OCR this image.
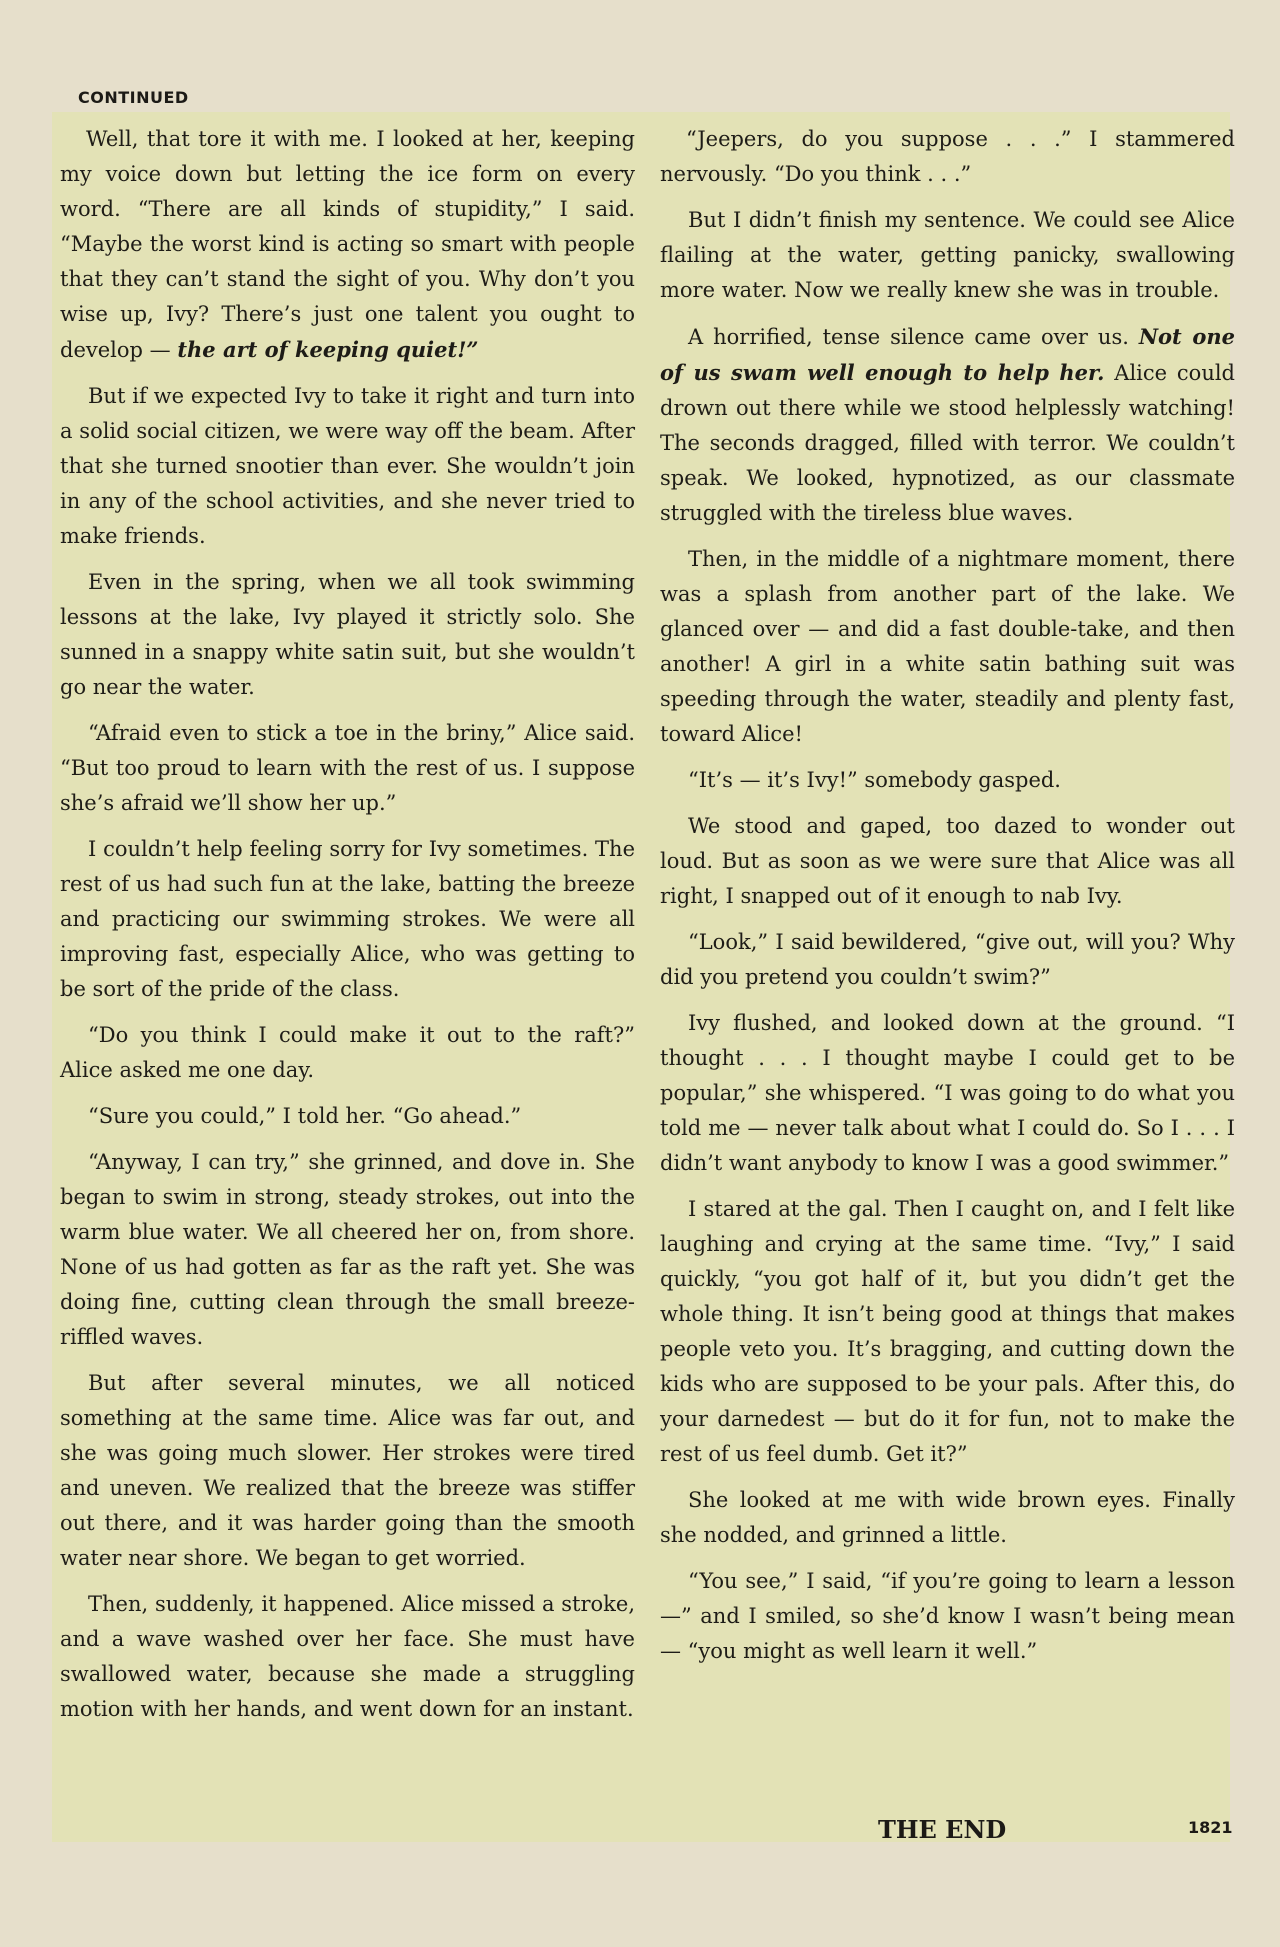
CONTINUED

Well, that tore it with me. I looked at her, keeping my voice down but letting the ice form on every word. “There are all kinds of stupidity,” I said. “Maybe the worst kind is acting so smart with people that they can’t stand the sight of you. Why don’t you wise up, Ivy? There’s just one talent you ought to develop — the art of keeping quiet!”

But if we expected Ivy to take it right and turn into a solid social citizen, we were way off the beam. After that she turned snootier than ever. She wouldn’t join in any of the school activities, and she never tried to make friends.

Even in the spring, when we all took swimming lessons at the lake, Ivy played it strictly solo. She sunned in a snappy white satin suit, but she wouldn’t go near the water.

“Afraid even to stick a toe in the briny,” Alice said. “But too proud to learn with the rest of us. I suppose she’s afraid we’ll show her up.”

I couldn’t help feeling sorry for Ivy sometimes. The rest of us had such fun at the lake, batting the breeze and practicing our swimming strokes. We were all improving fast, especially Alice, who was getting to be sort of the pride of the class.

“Do you think I could make it out to the raft?” Alice asked me one day.

“Sure you could,” I told her. “Go ahead.”

“Anyway, I can try,” she grinned, and dove in. She began to swim in strong, steady strokes, out into the warm blue water. We all cheered her on, from shore. None of us had gotten as far as the raft yet. She was doing fine, cutting clean through the small breeze-riffled waves.

But after several minutes, we all noticed something at the same time. Alice was far out, and she was going much slower. Her strokes were tired and uneven. We realized that the breeze was stiffer out there, and it was harder going than the smooth water near shore. We began to get worried.

Then, suddenly, it happened. Alice missed a stroke, and a wave washed over her face. She must have swallowed water, because she made a struggling motion with her hands, and went down for an instant.

“Jeepers, do you suppose . . .” I stammered nervously. “Do you think . . .”

But I didn’t finish my sentence. We could see Alice flailing at the water, getting panicky, swallowing more water. Now we really knew she was in trouble.

A horrified, tense silence came over us. Not one of us swam well enough to help her. Alice could drown out there while we stood helplessly watching! The seconds dragged, filled with terror. We couldn’t speak. We looked, hypnotized, as our classmate struggled with the tireless blue waves.

Then, in the middle of a nightmare moment, there was a splash from another part of the lake. We glanced over — and did a fast double-take, and then another! A girl in a white satin bathing suit was speeding through the water, steadily and plenty fast, toward Alice!

“It’s — it’s Ivy!” somebody gasped.

We stood and gaped, too dazed to wonder out loud. But as soon as we were sure that Alice was all right, I snapped out of it enough to nab Ivy.

“Look,” I said bewildered, “give out, will you? Why did you pretend you couldn’t swim?”

Ivy flushed, and looked down at the ground. “I thought . . . I thought maybe I could get to be popular,” she whispered. “I was going to do what you told me — never talk about what I could do. So I . . . I didn’t want anybody to know I was a good swimmer.”

I stared at the gal. Then I caught on, and I felt like laughing and crying at the same time. “Ivy,” I said quickly, “you got half of it, but you didn’t get the whole thing. It isn’t being good at things that makes people veto you. It’s bragging, and cutting down the kids who are supposed to be your pals. After this, do your darnedest — but do it for fun, not to make the rest of us feel dumb. Get it?”

She looked at me with wide brown eyes. Finally she nodded, and grinned a little.

“You see,” I said, “if you’re going to learn a lesson —” and I smiled, so she’d know I wasn’t being mean — “you might as well learn it well.”

THE END	1821
